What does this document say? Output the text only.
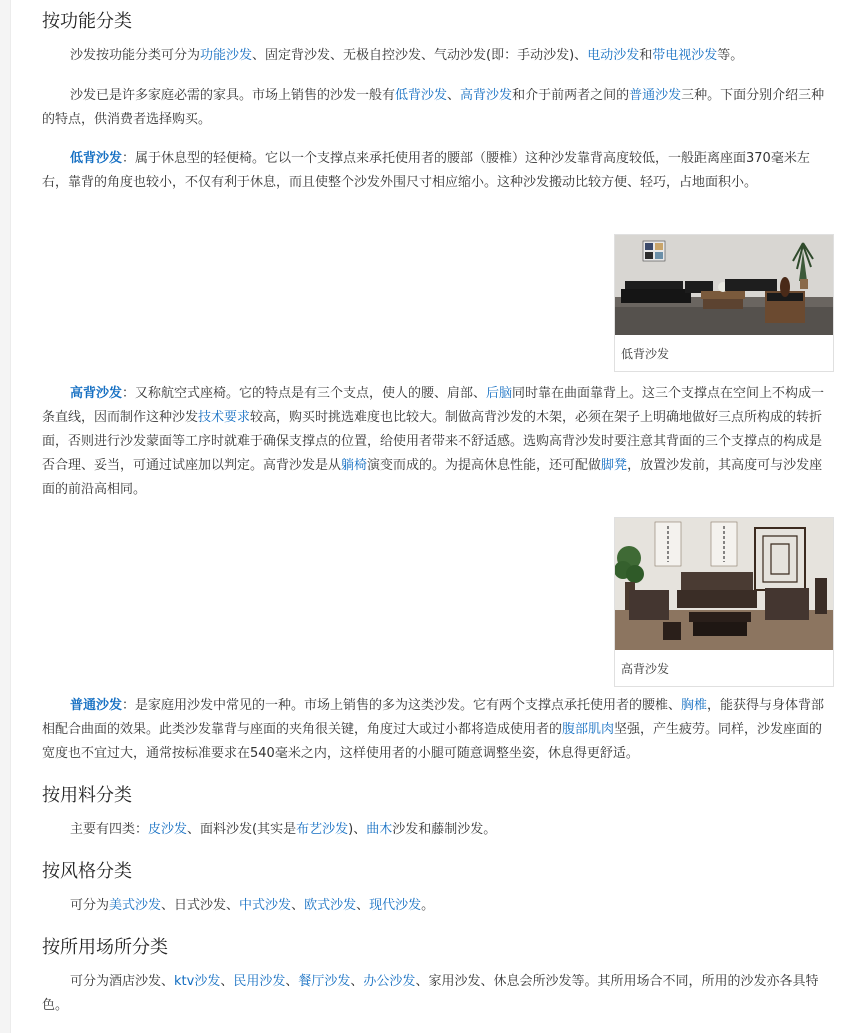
按功能分类

沙发按功能分类可分为功能沙发、固定背沙发、无极自控沙发、气动沙发(即：手动沙发)、电动沙发和带电视沙发等。

沙发已是许多家庭必需的家具。市场上销售的沙发一般有低背沙发、高背沙发和介于前两者之间的普通沙发三种。下面分别介绍三种的特点，供消费者选择购买。

低背沙发：属于休息型的轻便椅。它以一个支撑点来承托使用者的腰部（腰椎）这种沙发靠背高度较低，一般距离座面370毫米左右，靠背的角度也较小，不仅有利于休息，而且使整个沙发外围尺寸相应缩小。这种沙发搬动比较方便、轻巧，占地面积小。

低背沙发

高背沙发：又称航空式座椅。它的特点是有三个支点，使人的腰、肩部、后脑同时靠在曲面靠背上。这三个支撑点在空间上不构成一条直线，因而制作这种沙发技术要求较高，购买时挑选难度也比较大。制做高背沙发的木架，必须在架子上明确地做好三点所构成的转折面，否则进行沙发蒙面等工序时就难于确保支撑点的位置，给使用者带来不舒适感。选购高背沙发时要注意其背面的三个支撑点的构成是否合理、妥当，可通过试座加以判定。高背沙发是从躺椅演变而成的。为提高休息性能，还可配做脚凳，放置沙发前，其高度可与沙发座面的前沿高相同。

高背沙发

普通沙发：是家庭用沙发中常见的一种。市场上销售的多为这类沙发。它有两个支撑点承托使用者的腰椎、胸椎，能获得与身体背部相配合曲面的效果。此类沙发靠背与座面的夹角很关键，角度过大或过小都将造成使用者的腹部肌肉坚强，产生疲劳。同样，沙发座面的宽度也不宜过大，通常按标准要求在540毫米之内，这样使用者的小腿可随意调整坐姿，休息得更舒适。

按用料分类

主要有四类：皮沙发、面料沙发(其实是布艺沙发)、曲木沙发和藤制沙发。

按风格分类

可分为美式沙发、日式沙发、中式沙发、欧式沙发、现代沙发。

按所用场所分类

可分为酒店沙发、ktv沙发、民用沙发、餐厅沙发、办公沙发、家用沙发、休息会所沙发等。其所用场合不同，所用的沙发亦各具特色。
